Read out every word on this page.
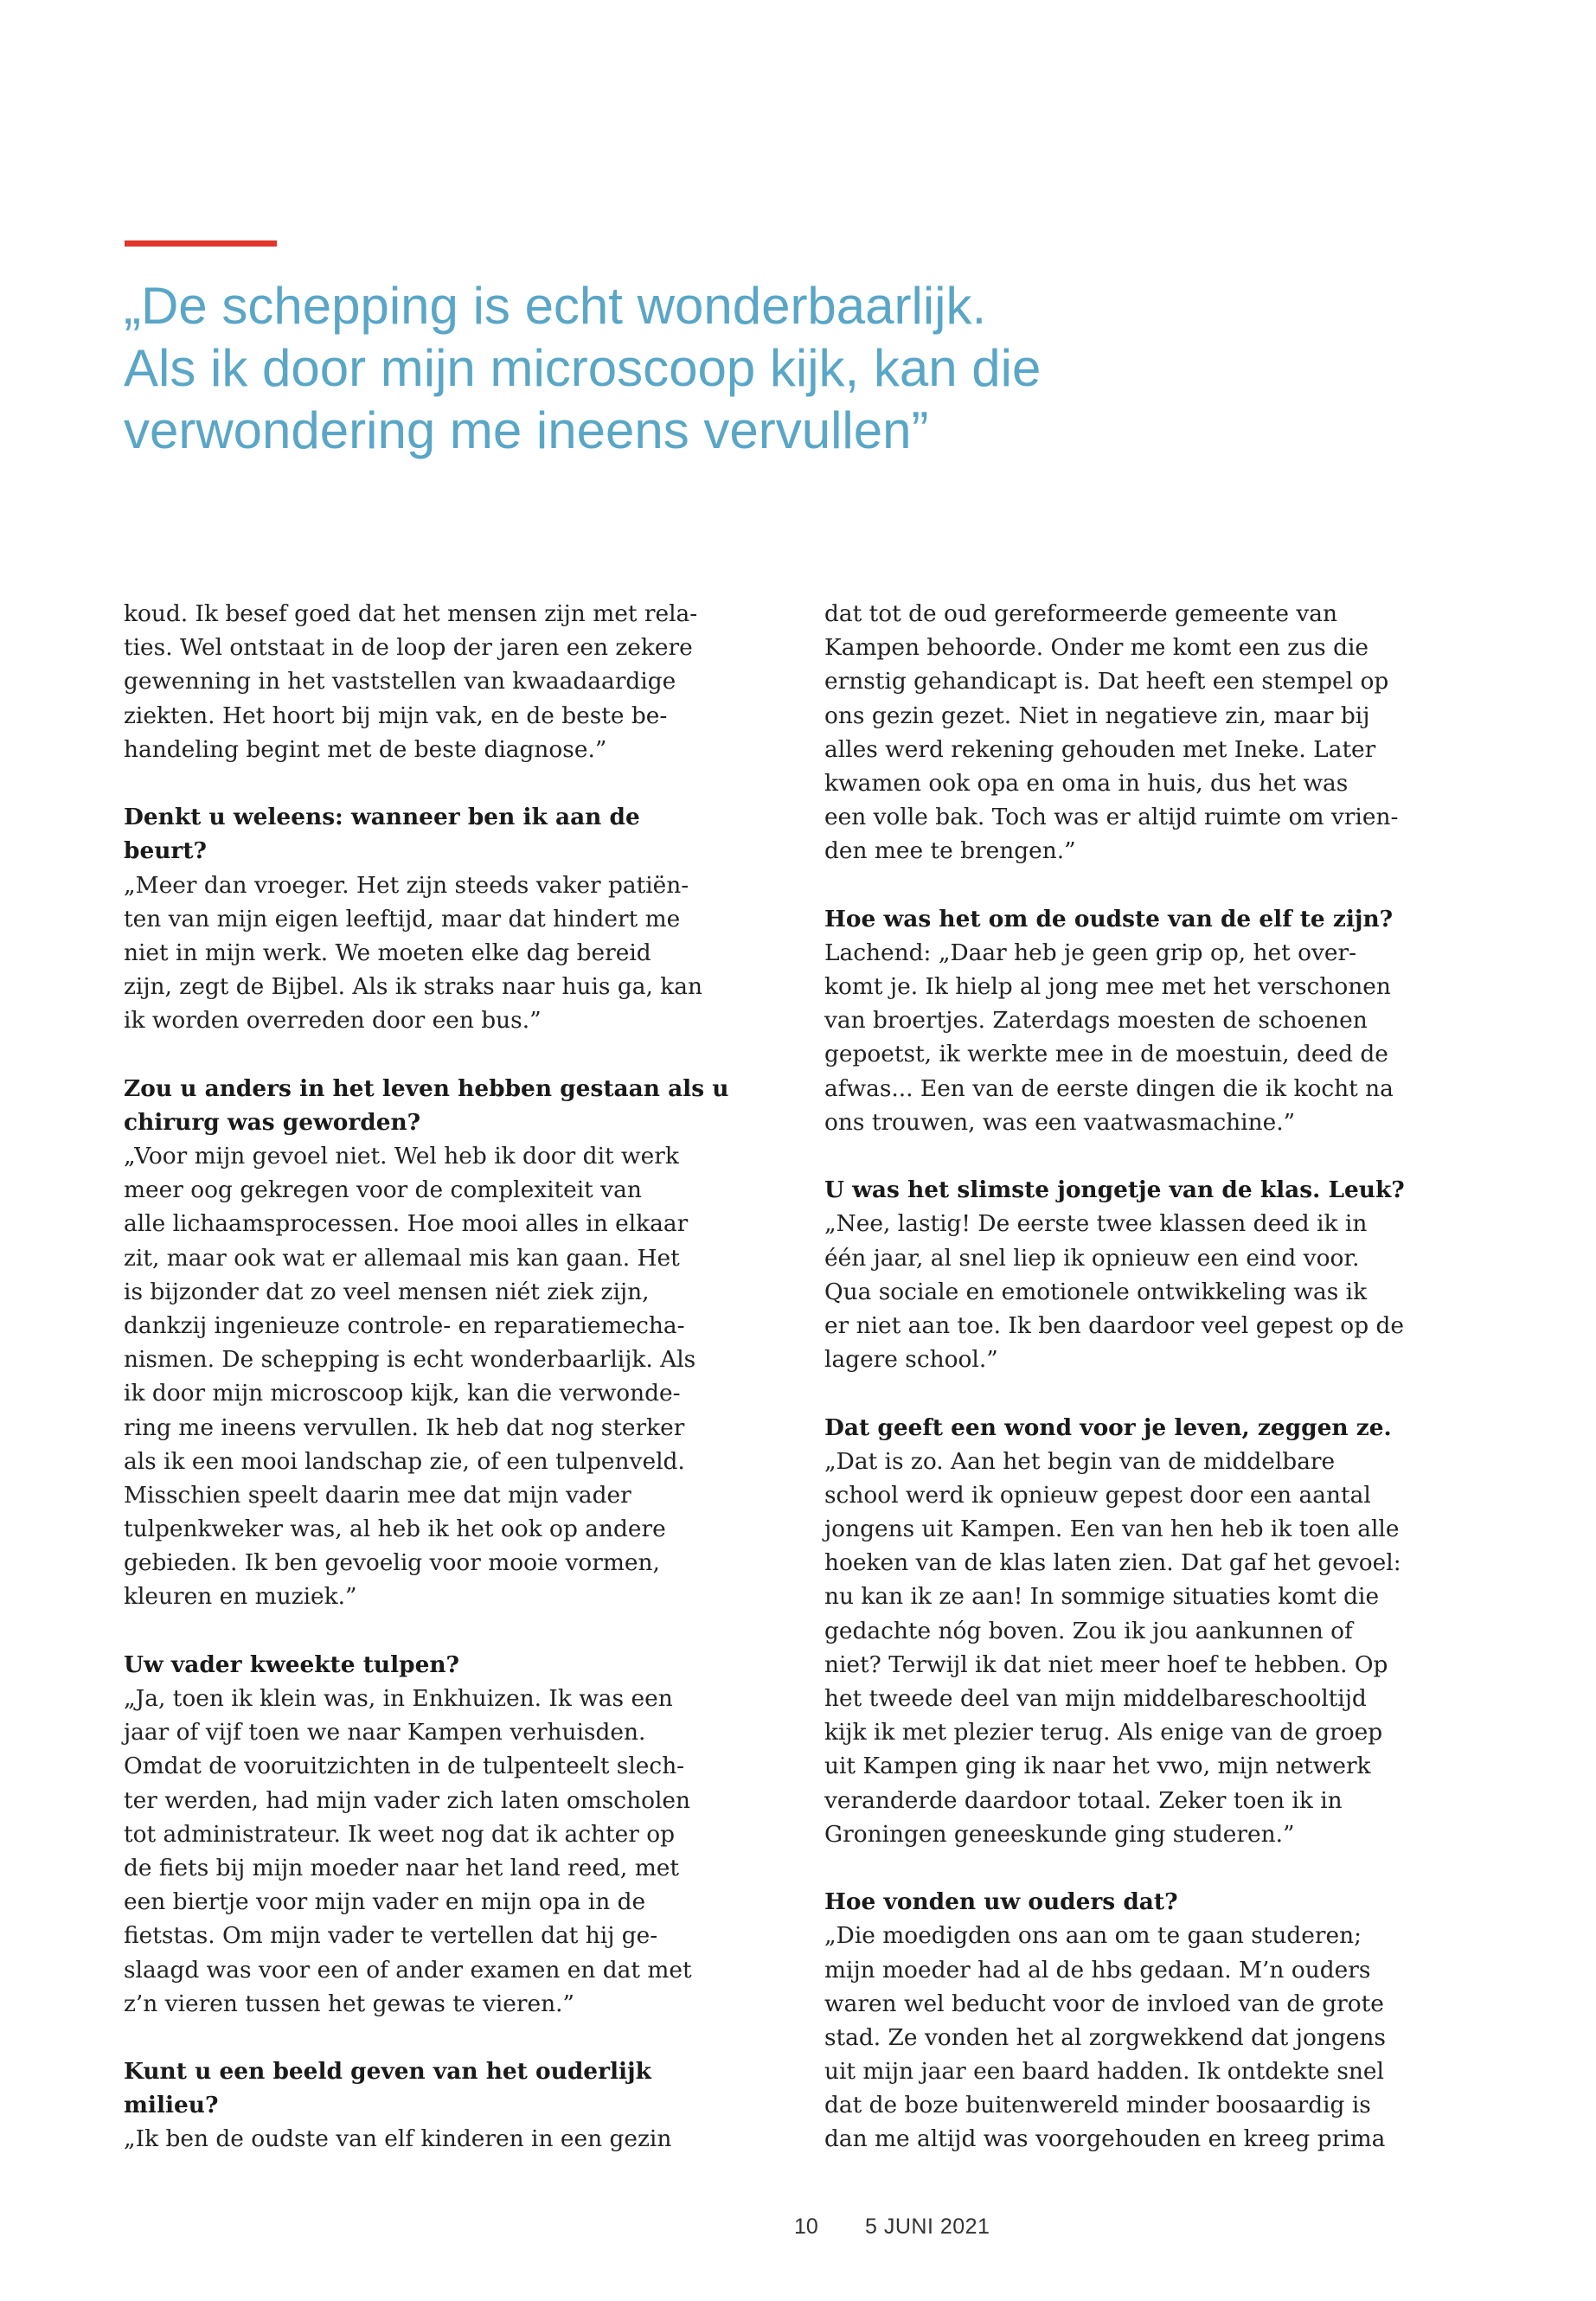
„De schepping is echt wonderbaarlijk.
Als ik door mijn microscoop kijk, kan die
verwondering me ineens vervullen”
koud. Ik besef goed dat het mensen zijn met rela-
ties. Wel ontstaat in de loop der jaren een zekere
gewenning in het vaststellen van kwaadaardige
ziekten. Het hoort bij mijn vak, en de beste be-
handeling begint met de beste diagnose.”
Denkt u weleens: wanneer ben ik aan de
beurt?
„Meer dan vroeger. Het zijn steeds vaker patiën-
ten van mijn eigen leeftijd, maar dat hindert me
niet in mijn werk. We moeten elke dag bereid
zijn, zegt de Bijbel. Als ik straks naar huis ga, kan
ik worden overreden door een bus.”
Zou u anders in het leven hebben gestaan als u
chirurg was geworden?
„Voor mijn gevoel niet. Wel heb ik door dit werk
meer oog gekregen voor de complexiteit van
alle lichaamsprocessen. Hoe mooi alles in elkaar
zit, maar ook wat er allemaal mis kan gaan. Het
is bijzonder dat zo veel mensen niét ziek zijn,
dankzij ingenieuze controle- en reparatiemecha-
nismen. De schepping is echt wonderbaarlijk. Als
ik door mijn microscoop kijk, kan die verwonde-
ring me ineens vervullen. Ik heb dat nog sterker
als ik een mooi landschap zie, of een tulpenveld.
Misschien speelt daarin mee dat mijn vader
tulpenkweker was, al heb ik het ook op andere
gebieden. Ik ben gevoelig voor mooie vormen,
kleuren en muziek.”
Uw vader kweekte tulpen?
„Ja, toen ik klein was, in Enkhuizen. Ik was een
jaar of vijf toen we naar Kampen verhuisden.
Omdat de vooruitzichten in de tulpenteelt slech-
ter werden, had mijn vader zich laten omscholen
tot administrateur. Ik weet nog dat ik achter op
de fiets bij mijn moeder naar het land reed, met
een biertje voor mijn vader en mijn opa in de
fietstas. Om mijn vader te vertellen dat hij ge-
slaagd was voor een of ander examen en dat met
z’n vieren tussen het gewas te vieren.”
Kunt u een beeld geven van het ouderlijk
milieu?
„Ik ben de oudste van elf kinderen in een gezin
dat tot de oud gereformeerde gemeente van
Kampen behoorde. Onder me komt een zus die
ernstig gehandicapt is. Dat heeft een stempel op
ons gezin gezet. Niet in negatieve zin, maar bij
alles werd rekening gehouden met Ineke. Later
kwamen ook opa en oma in huis, dus het was
een volle bak. Toch was er altijd ruimte om vrien-
den mee te brengen.”
Hoe was het om de oudste van de elf te zijn?
Lachend: „Daar heb je geen grip op, het over-
komt je. Ik hielp al jong mee met het verschonen
van broertjes. Zaterdags moesten de schoenen
gepoetst, ik werkte mee in de moestuin, deed de
afwas... Een van de eerste dingen die ik kocht na
ons trouwen, was een vaatwasmachine.”
U was het slimste jongetje van de klas. Leuk?
„Nee, lastig! De eerste twee klassen deed ik in
één jaar, al snel liep ik opnieuw een eind voor.
Qua sociale en emotionele ontwikkeling was ik
er niet aan toe. Ik ben daardoor veel gepest op de
lagere school.”
Dat geeft een wond voor je leven, zeggen ze.
„Dat is zo. Aan het begin van de middelbare
school werd ik opnieuw gepest door een aantal
jongens uit Kampen. Een van hen heb ik toen alle
hoeken van de klas laten zien. Dat gaf het gevoel:
nu kan ik ze aan! In sommige situaties komt die
gedachte nóg boven. Zou ik jou aankunnen of
niet? Terwijl ik dat niet meer hoef te hebben. Op
het tweede deel van mijn middelbareschooltijd
kijk ik met plezier terug. Als enige van de groep
uit Kampen ging ik naar het vwo, mijn netwerk
veranderde daardoor totaal. Zeker toen ik in
Groningen geneeskunde ging studeren.”
Hoe vonden uw ouders dat?
„Die moedigden ons aan om te gaan studeren;
mijn moeder had al de hbs gedaan. M’n ouders
waren wel beducht voor de invloed van de grote
stad. Ze vonden het al zorgwekkend dat jongens
uit mijn jaar een baard hadden. Ik ontdekte snel
dat de boze buitenwereld minder boosaardig is
dan me altijd was voorgehouden en kreeg prima
10 5 JUNI 2021
